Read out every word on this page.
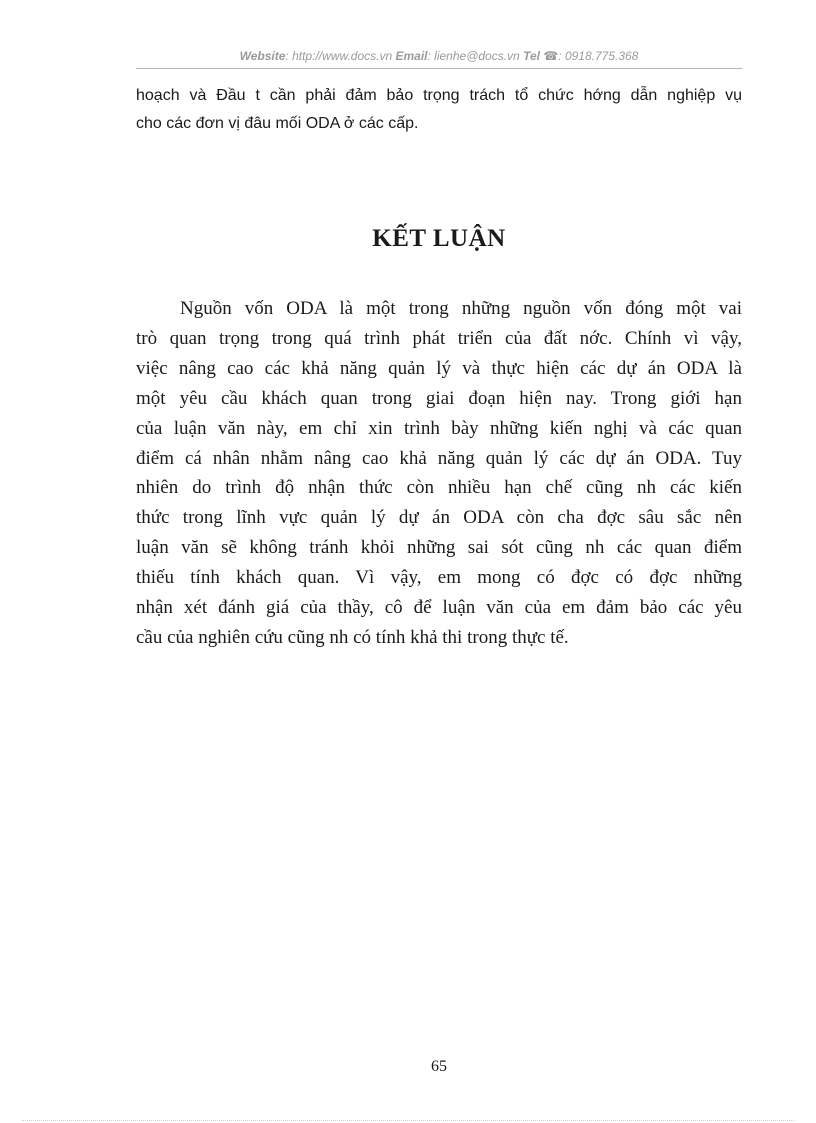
Website: http://www.docs.vn Email: lienhe@docs.vn Tel ☎: 0918.775.368
hoạch và Đầu t cần phải đảm bảo trọng trách tổ chức hớng dẫn nghiệp vụ
cho các đơn vị đâu mối ODA ở các cấp.
KẾT LUẬN
Nguồn vốn ODA là một trong những nguồn vốn đóng một vai
trò quan trọng trong quá trình phát triển của đất nớc. Chính vì vậy,
việc nâng cao các khả năng quản lý và thực hiện các dự án ODA là
một yêu cầu khách quan trong giai đoạn hiện nay. Trong giới hạn
của luận văn này, em chỉ xin trình bày những kiến nghị và các quan
điểm cá nhân nhằm nâng cao khả năng quản lý các dự án ODA. Tuy
nhiên do trình độ nhận thức còn nhiều hạn chế cũng nh các kiến
thức trong lĩnh vực quản lý dự án ODA còn cha đợc sâu sắc nên
luận văn sẽ không tránh khỏi những sai sót cũng nh các quan điểm
thiếu tính khách quan. Vì vậy, em mong có đợc có đợc những
nhận xét đánh giá của thầy, cô để luận văn của em đảm bảo các yêu
cầu của nghiên cứu cũng nh có tính khả thi trong thực tế.
65
